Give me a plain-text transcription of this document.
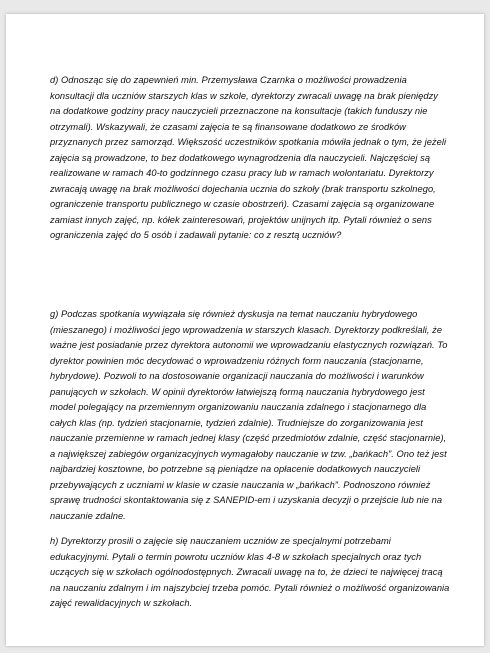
d) Odnosząc się do zapewnień min. Przemysława Czarnka o możliwości prowadzenia konsultacji dla uczniów starszych klas w szkole, dyrektorzy zwracali uwagę na brak pieniędzy na dodatkowe godziny pracy nauczycieli przeznaczone na konsultacje (takich funduszy nie otrzymali). Wskazywali, że czasami zajęcia te są finansowane dodatkowo ze środków przyznanych przez samorząd. Większość uczestników spotkania mówiła jednak o tym, że jeżeli zajęcia są prowadzone, to bez dodatkowego wynagrodzenia dla nauczycieli. Najczęściej są realizowane w ramach 40-to godzinnego czasu pracy lub w ramach wolontariatu. Dyrektorzy zwracają uwagę na brak możliwości dojechania ucznia do szkoły (brak transportu szkolnego, ograniczenie transportu publicznego w czasie obostrzeń). Czasami zajęcia są organizowane zamiast innych zajęć, np. kółek zainteresowań, projektów unijnych itp. Pytali również o sens ograniczenia zajęć do 5 osób i zadawali pytanie: co z resztą uczniów?

g) Podczas spotkania wywiązała się również dyskusja na temat nauczaniu hybrydowego (mieszanego) i możliwości jego wprowadzenia w starszych klasach. Dyrektorzy podkreślali, że ważne jest posiadanie przez dyrektora autonomii we wprowadzaniu elastycznych rozwiązań. To dyrektor powinien móc decydować o wprowadzeniu różnych form nauczania (stacjonarne, hybrydowe). Pozwoli to na dostosowanie organizacji nauczania do możliwości i warunków panujących w szkołach. W opinii dyrektorów łatwiejszą formą nauczania hybrydowego jest model polegający na przemiennym organizowaniu nauczania zdalnego i stacjonarnego dla całych klas (np. tydzień stacjonarnie, tydzień zdalnie). Trudniejsze do zorganizowania jest nauczanie przemienne w ramach jednej klasy (część przedmiotów zdalnie, część stacjonarnie), a największej zabiegów organizacyjnych wymagałoby nauczanie w tzw. „bańkach”. Ono też jest najbardziej kosztowne, bo potrzebne są pieniądze na opłacenie dodatkowych nauczycieli przebywających z uczniami w klasie w czasie nauczania w „bańkach”. Podnoszono również sprawę trudności skontaktowania się z SANEPID-em i uzyskania decyzji o przejście lub nie na nauczanie zdalne.

h) Dyrektorzy prosili o zajęcie się nauczaniem uczniów ze specjalnymi potrzebami edukacyjnymi. Pytali o termin powrotu uczniów klas 4-8 w szkołach specjalnych oraz tych uczących się w szkołach ogólnodostępnych. Zwracali uwagę na to, że dzieci te najwięcej tracą na nauczaniu zdalnym i im najszybciej trzeba pomóc. Pytali również o możliwość organizowania zajęć rewalidacyjnych w szkołach.
